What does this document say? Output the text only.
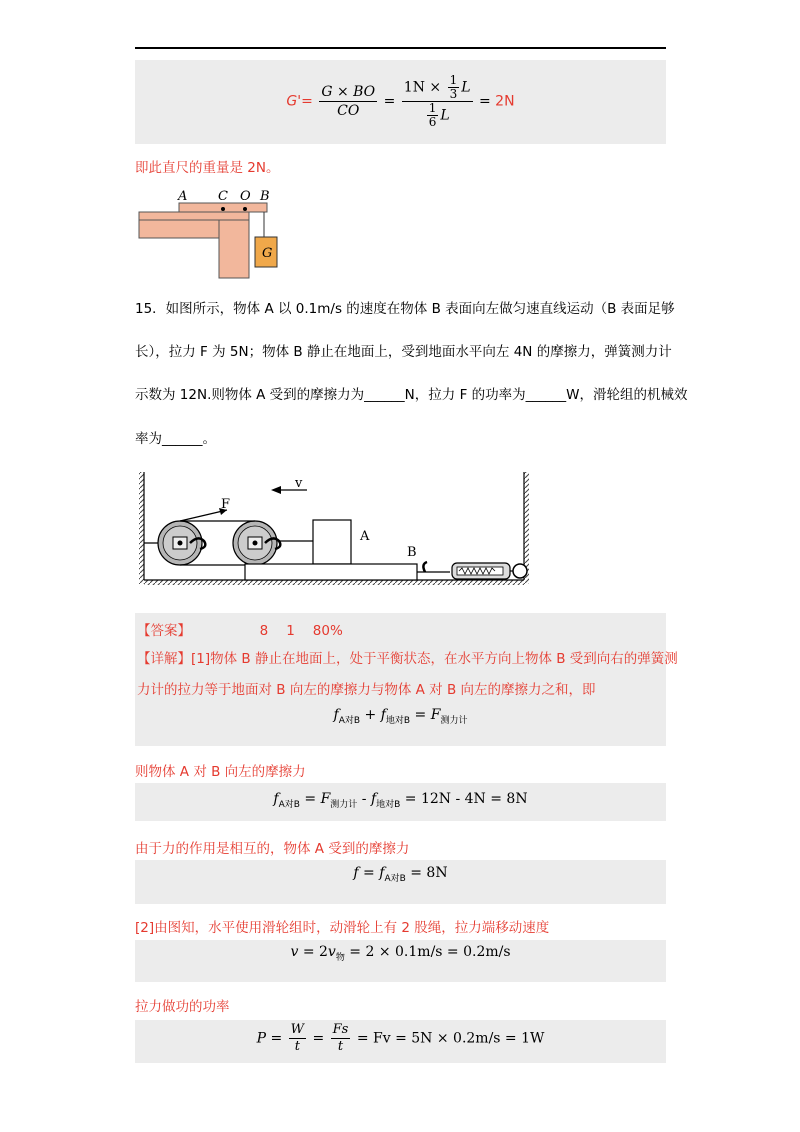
$G'= \frac{G \times BO}{CO} = \frac{1N \times \frac{1}{3} L}{\frac{1}{6} L} = 2N$
即此直尺的重量是 2N。
A C O B
G
15．如图所示，物体 A 以 0.1m/s 的速度在物体 B 表面向左做匀速直线运动（B 表面足够
长），拉力 F 为 5N；物体 B 静止在地面上，受到地面水平向左 4N 的摩擦力，弹簧测力计
示数为 12N.则物体 A 受到的摩擦力为______N，拉力 F 的功率为______W，滑轮组的机械效
率为______。
F
v
A
B
【答案】	8 1 80%
【详解】[1]物体 B 静止在地面上，处于平衡状态，在水平方向上物体 B 受到向右的弹簧测
力计的拉力等于地面对 B 向左的摩擦力与物体 A 对 B 向左的摩擦力之和，即
$f_{A对B} + f_{地对B} = F_{测力计}$
则物体 A 对 B 向左的摩擦力
$f_{A对B} = F_{测力计} - f_{地对B} = 12N - 4N = 8N$
由于力的作用是相互的，物体 A 受到的摩擦力
$f = f_{A对B} = 8N$
[2]由图知，水平使用滑轮组时，动滑轮上有 2 股绳，拉力端移动速度
$v = 2v_物 = 2 \times 0.1m/s = 0.2m/s$
拉力做功的功率
$P = \frac{W}{t} = \frac{Fs}{t} = Fv = 5N \times 0.2m/s = 1W$
